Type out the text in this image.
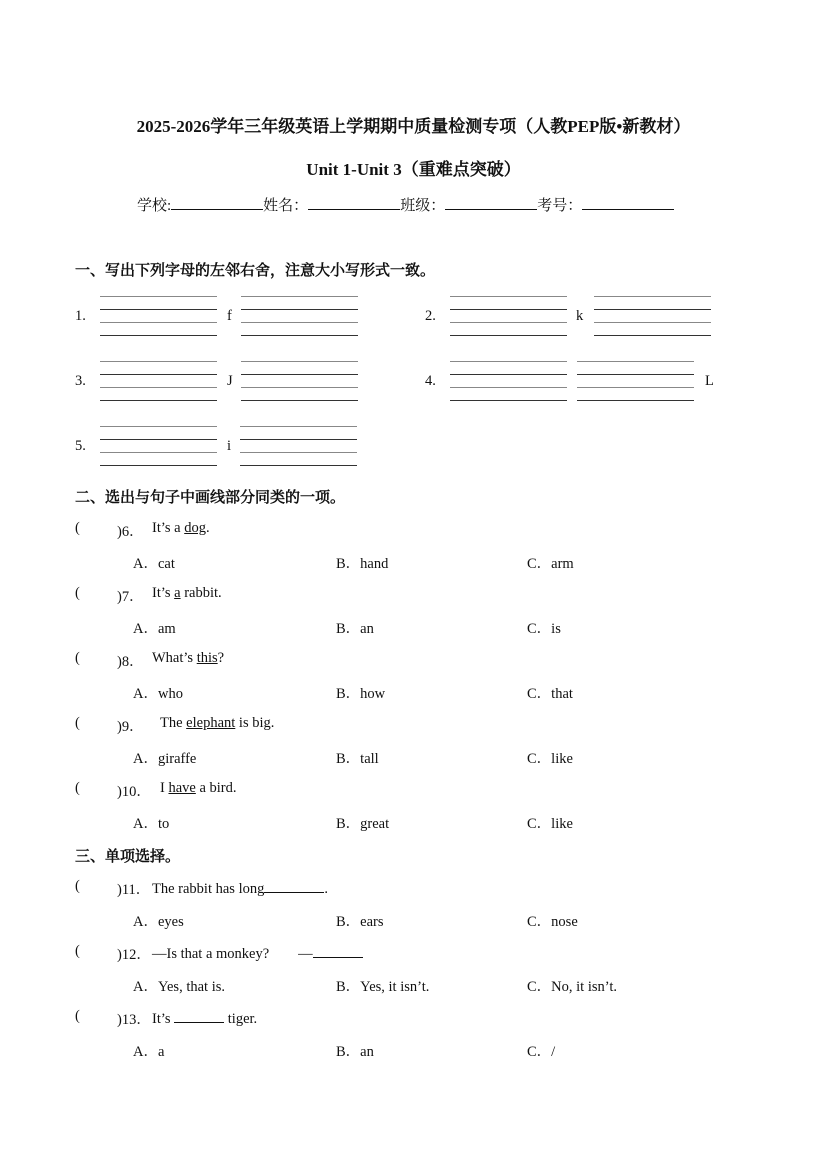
2025-2026学年三年级英语上学期期中质量检测专项（人教PEP版•新教材）
Unit 1-Unit 3（重难点突破）
学校:	姓名：	班级：	考号：
一、写出下列字母的左邻右舍，注意大小写形式一致。
二、选出与句子中画线部分同类的一项。
三、单项选择。
1.	f	2.	k
3.	J	4.	L
5.	i
(	)6． It’s a dog.
A．cat	B．hand	C．arm
(	)7． It’s a rabbit.
A．am	B．an	C．is
(	)8． What’s this?
A．who	B．how	C．that
(	)9． The elephant is big.
A．giraffe	B．tall	C．like
(	)10． I have a bird.
A．to	B．great	C．like
(	)11． The rabbit has long	.
A．eyes	B．ears	C．nose
(	)12． —Is that a monkey?        —
A．Yes, that is.	B．Yes, it isn’t.	C．No, it isn’t.
(	)13． It’s	tiger.
A．a	B．an	C．/
